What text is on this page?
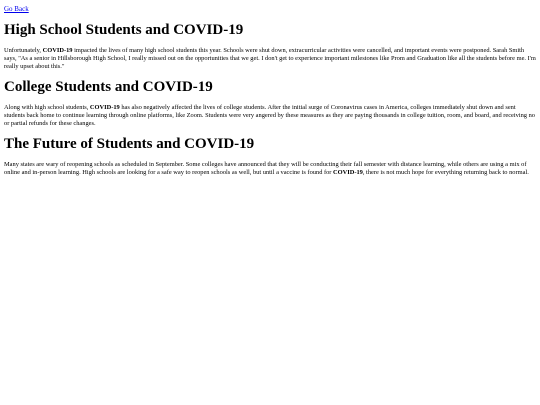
Go Back
High School Students and COVID-19

Unfortunately, COVID-19 impacted the lives of many high school students this year. Schools were shut down, extracurricular activities were cancelled, and important events were postponed. Sarah Smith says, "As a senior in Hillsborough High School, I really missed out on the opportunities that we get. I don't get to experience important milestones like Prom and Graduation like all the students before me. I'm really upset about this."

College Students and COVID-19

Along with high school students, COVID-19 has also negatively affected the lives of college students. After the initial surge of Coronavirus cases in America, colleges immediately shut down and sent students back home to continue learning through online platforms, like Zoom. Students were very angered by these measures as they are paying thousands in college tuition, room, and board, and receiving no or partial refunds for these changes.

The Future of Students and COVID-19

Many states are wary of reopening schools as scheduled in September. Some colleges have announced that they will be conducting their fall semester with distance learning, while others are using a mix of online and in-person learning. High schools are looking for a safe way to reopen schools as well, but until a vaccine is found for COVID-19, there is not much hope for everything returning back to normal.
